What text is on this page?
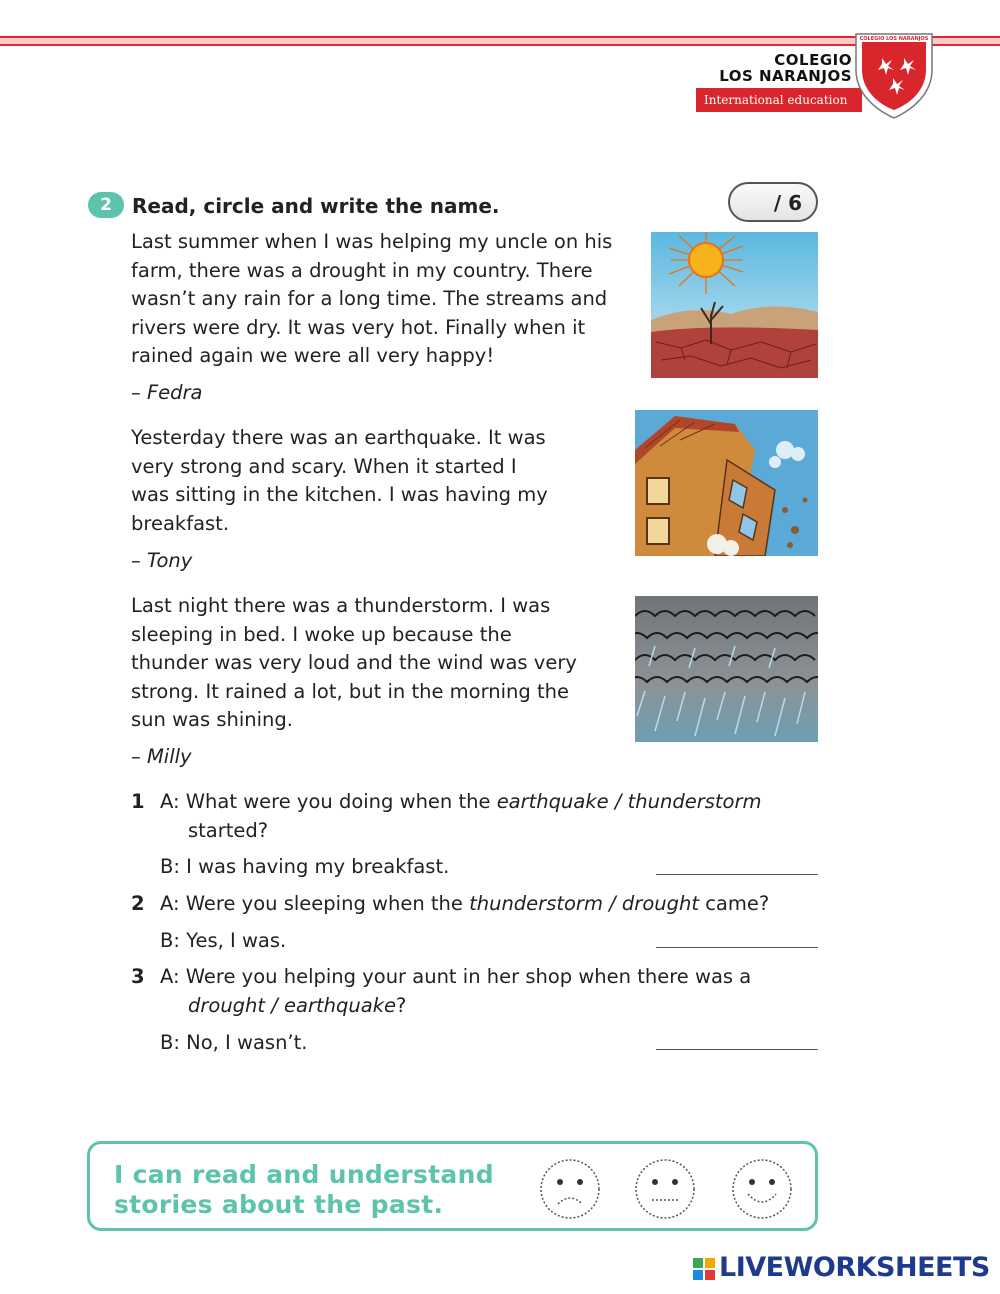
COLEGIO
LOS NARANJOS
International education
COLEGIO LOS NARANJOS
2	Read, circle and write the name.	/ 6
Last summer when I was helping my uncle on his
farm, there was a drought in my country. There
wasn’t any rain for a long time. The streams and
rivers were dry. It was very hot. Finally when it
rained again we were all very happy!
– Fedra
Yesterday there was an earthquake. It was
very strong and scary. When it started I
was sitting in the kitchen. I was having my
breakfast.
– Tony
Last night there was a thunderstorm. I was
sleeping in bed. I woke up because the
thunder was very loud and the wind was very
strong. It rained a lot, but in the morning the
sun was shining.
– Milly
1 A: What were you doing when the earthquake / thunderstorm
started?
B: I was having my breakfast.
2 A: Were you sleeping when the thunderstorm / drought came?
B: Yes, I was.
3 A: Were you helping your aunt in her shop when there was a
drought / earthquake?
B: No, I wasn’t.
I can read and understand
stories about the past.
LIVEWORKSHEETS
